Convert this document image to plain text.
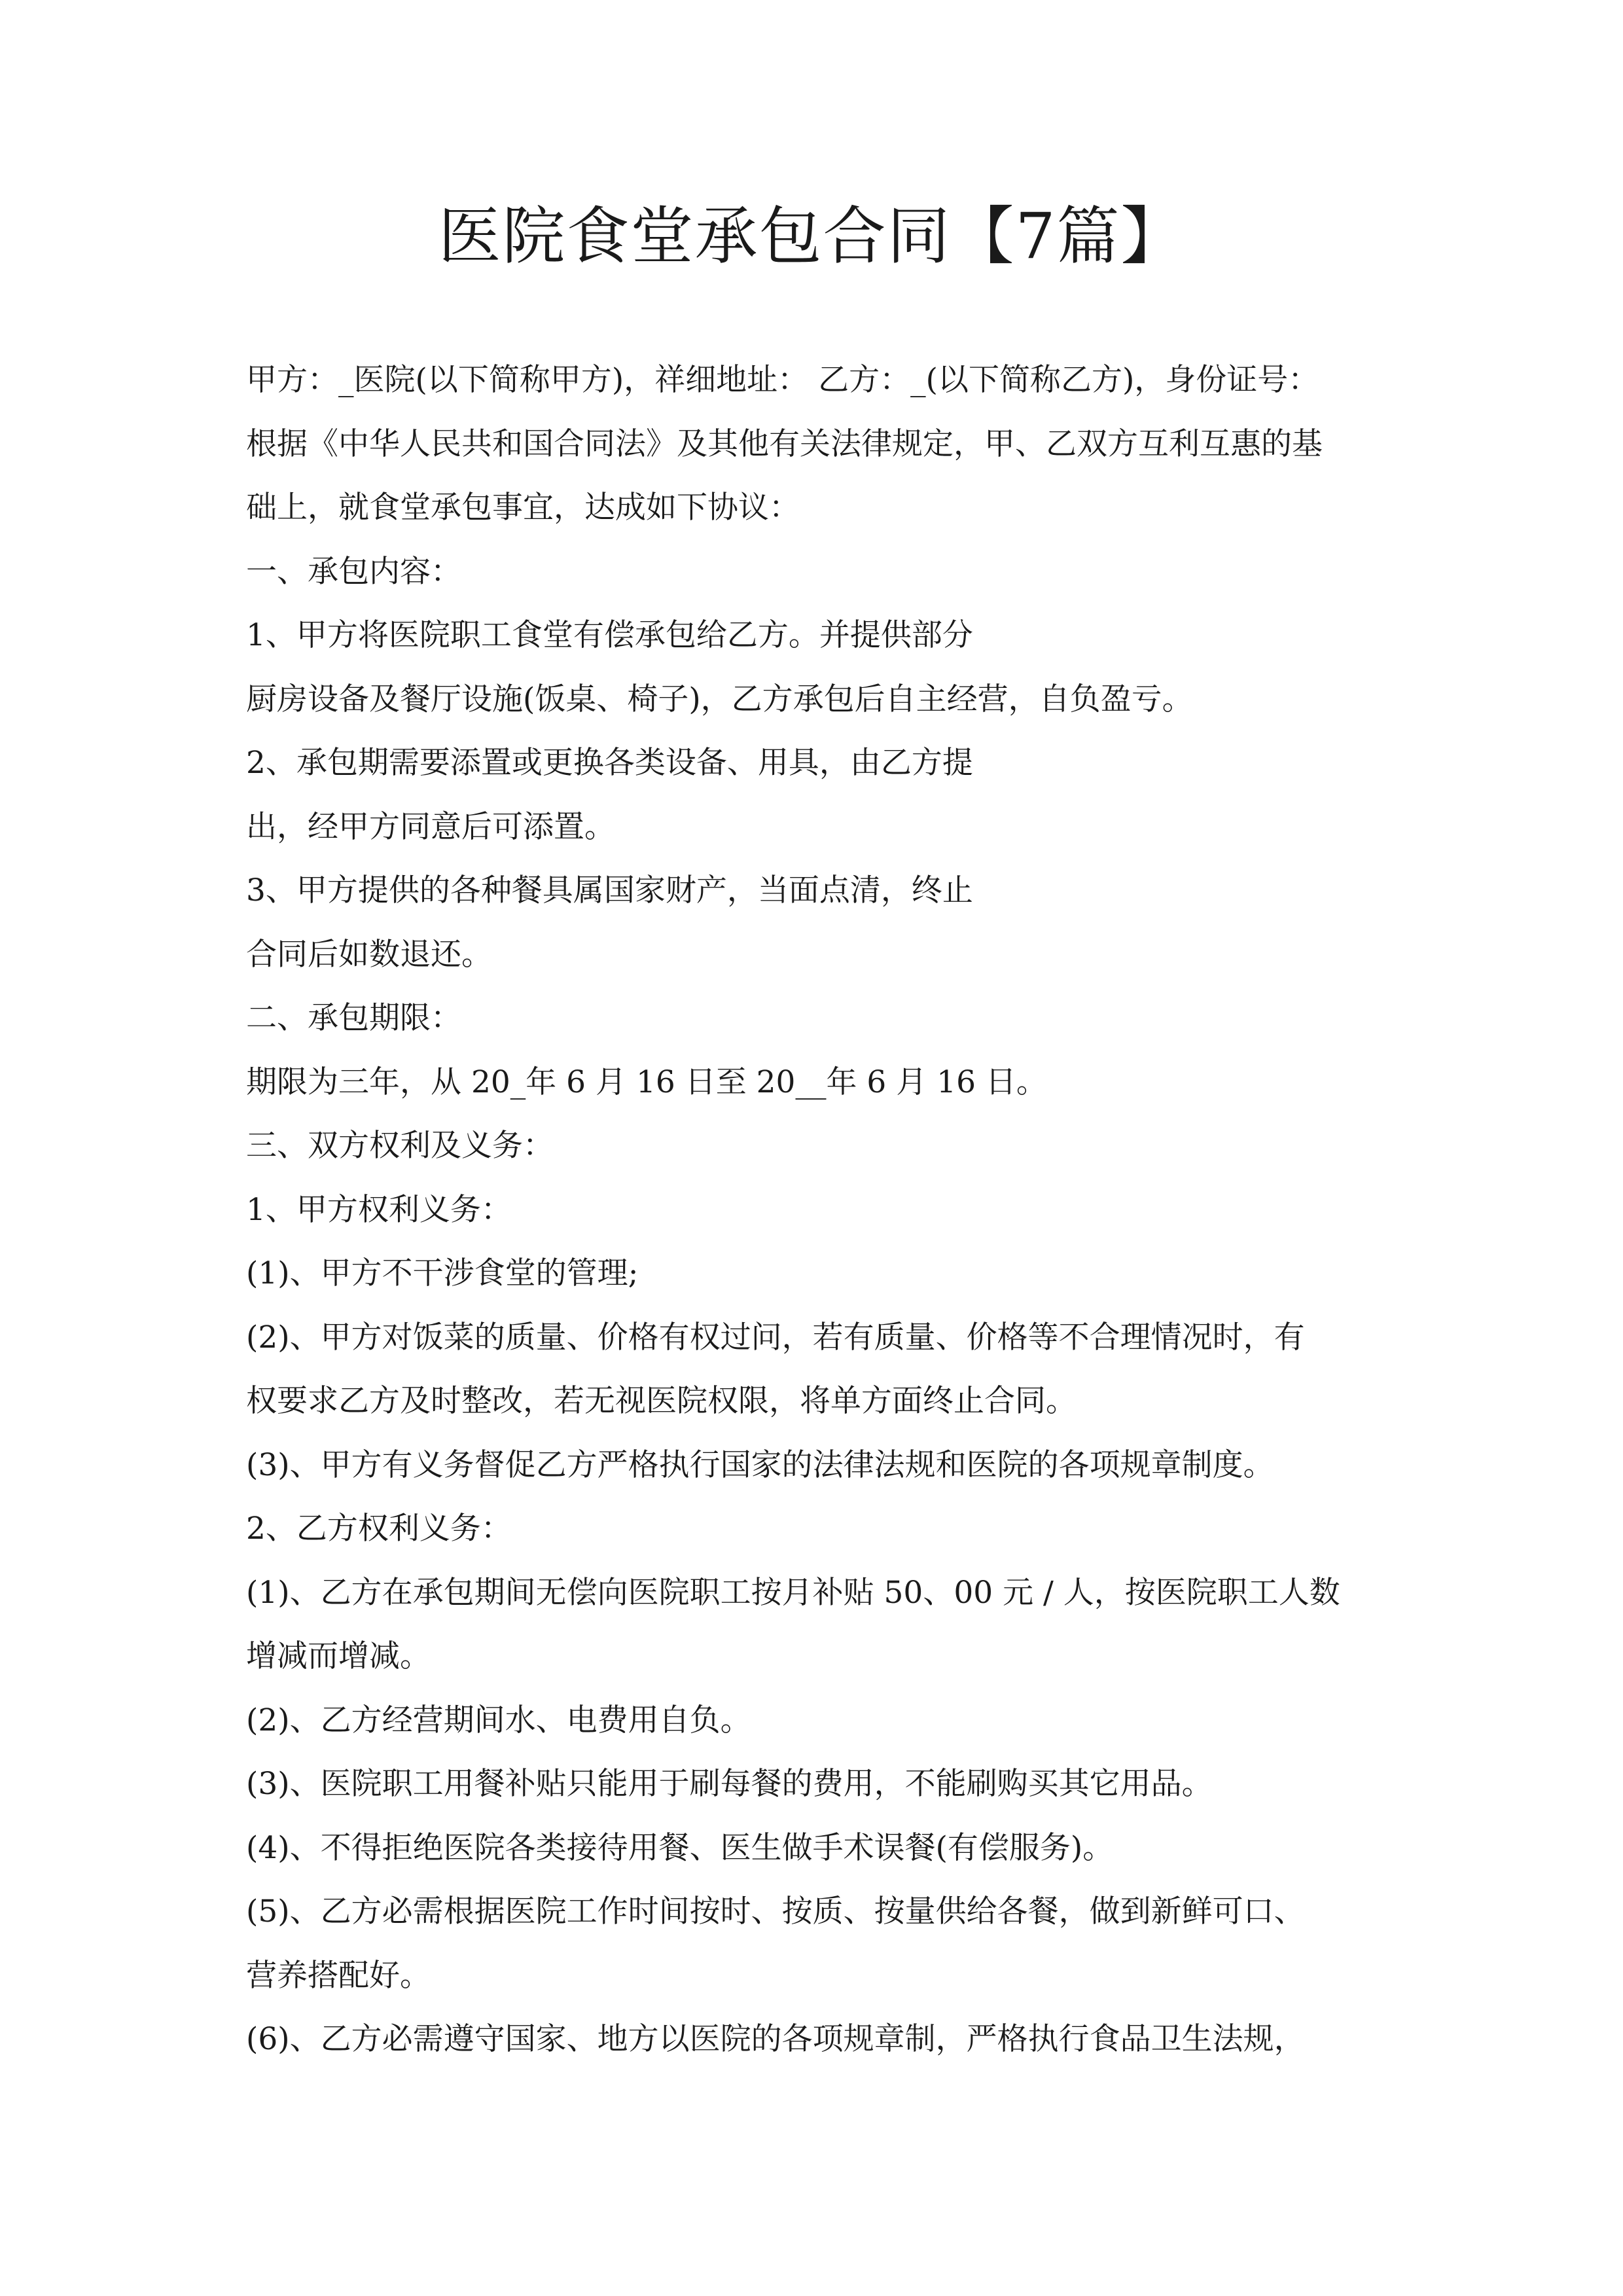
医院食堂承包合同【7篇】

甲方：_医院(以下简称甲方)，祥细地址： 乙方：_(以下简称乙方)，身份证号：

根据《中华人民共和国合同法》及其他有关法律规定，甲、乙双方互利互惠的基

础上，就食堂承包事宜，达成如下协议：

一、承包内容：

1、甲方将医院职工食堂有偿承包给乙方。并提供部分

厨房设备及餐厅设施(饭桌、椅子)，乙方承包后自主经营，自负盈亏。

2、承包期需要添置或更换各类设备、用具，由乙方提

出，经甲方同意后可添置。

3、甲方提供的各种餐具属国家财产，当面点清，终止

合同后如数退还。

二、承包期限：

期限为三年，从 20_年 6 月 16 日至 20__年 6 月 16 日。

三、双方权利及义务：

1、甲方权利义务：

(1)、甲方不干涉食堂的管理;

(2)、甲方对饭菜的质量、价格有权过问，若有质量、价格等不合理情况时，有

权要求乙方及时整改，若无视医院权限，将单方面终止合同。

(3)、甲方有义务督促乙方严格执行国家的法律法规和医院的各项规章制度。

2、乙方权利义务：

(1)、乙方在承包期间无偿向医院职工按月补贴 50、00 元 / 人，按医院职工人数

增减而增减。

(2)、乙方经营期间水、电费用自负。

(3)、医院职工用餐补贴只能用于刷每餐的费用，不能刷购买其它用品。

(4)、不得拒绝医院各类接待用餐、医生做手术误餐(有偿服务)。

(5)、乙方必需根据医院工作时间按时、按质、按量供给各餐，做到新鲜可口、

营养搭配好。

(6)、乙方必需遵守国家、地方以医院的各项规章制，严格执行食品卫生法规，
